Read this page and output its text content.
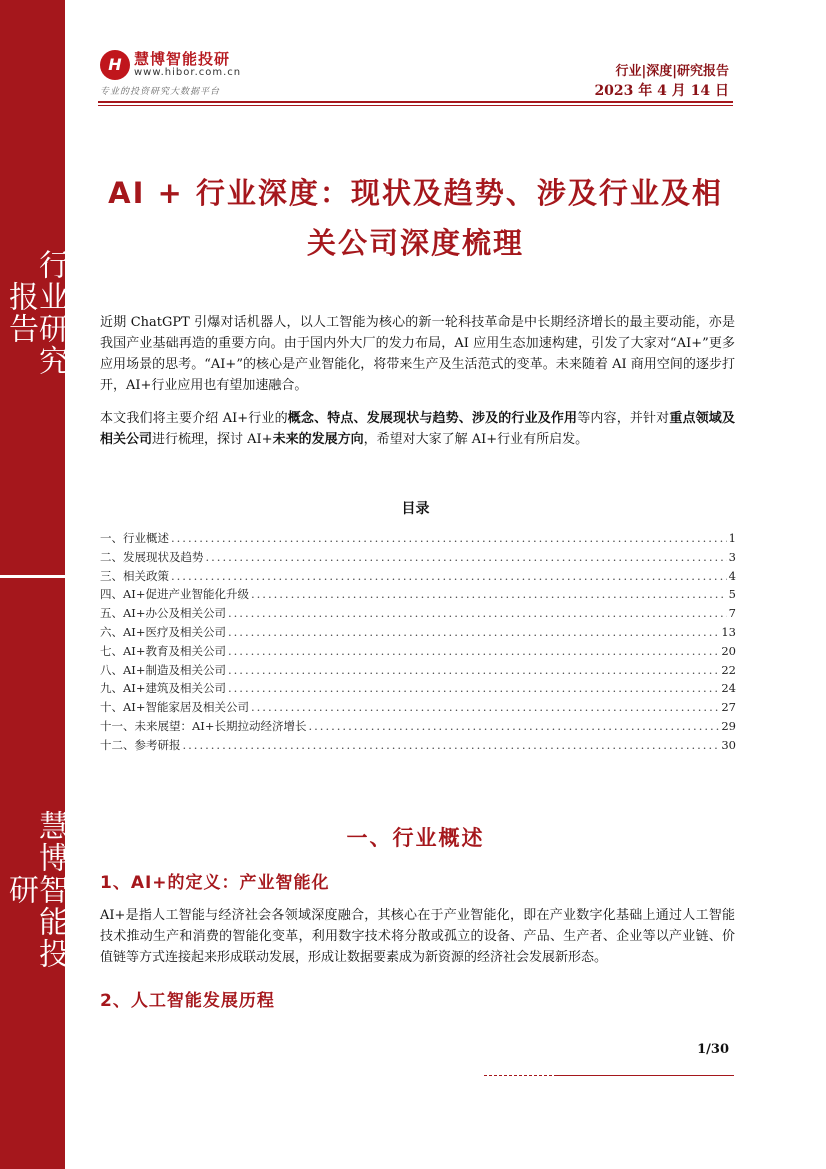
行业研究报告
慧博智能投研
H 慧博智能投研
www.hibor.com.cn
专业的投资研究大数据平台
行业|深度|研究报告
2023 年 4 月 14 日
AI + 行业深度：现状及趋势、涉及行业及相
关公司深度梳理
近期 ChatGPT 引爆对话机器人，以人工智能为核心的新一轮科技革命是中长期经济增长的最主要动能，亦是我国产业基础再造的重要方向。由于国内外大厂的发力布局，AI 应用生态加速构建，引发了大家对“AI+”更多应用场景的思考。“AI+”的核心是产业智能化，将带来生产及生活范式的变革。未来随着 AI 商用空间的逐步打开，AI+行业应用也有望加速融合。
本文我们将主要介绍 AI+行业的概念、特点、发展现状与趋势、涉及的行业及作用等内容，并针对重点领域及相关公司进行梳理，探讨 AI+未来的发展方向，希望对大家了解 AI+行业有所启发。
目录
一、行业概述 .....	1
二、发展现状及趋势 .....	3
三、相关政策 .....	4
四、AI+促进产业智能化升级 .....	5
五、AI+办公及相关公司 .....	7
六、AI+医疗及相关公司 .....	13
七、AI+教育及相关公司 .....	20
八、AI+制造及相关公司 .....	22
九、AI+建筑及相关公司 .....	24
十、AI+智能家居及相关公司 .....	27
十一、未来展望：AI+长期拉动经济增长 .....	29
十二、参考研报 .....	30
一、行业概述
1、AI+的定义：产业智能化
AI+是指人工智能与经济社会各领域深度融合，其核心在于产业智能化，即在产业数字化基础上通过人工智能技术推动生产和消费的智能化变革，利用数字技术将分散或孤立的设备、产品、生产者、企业等以产业链、价值链等方式连接起来形成联动发展，形成让数据要素成为新资源的经济社会发展新形态。
2、人工智能发展历程
1/30
